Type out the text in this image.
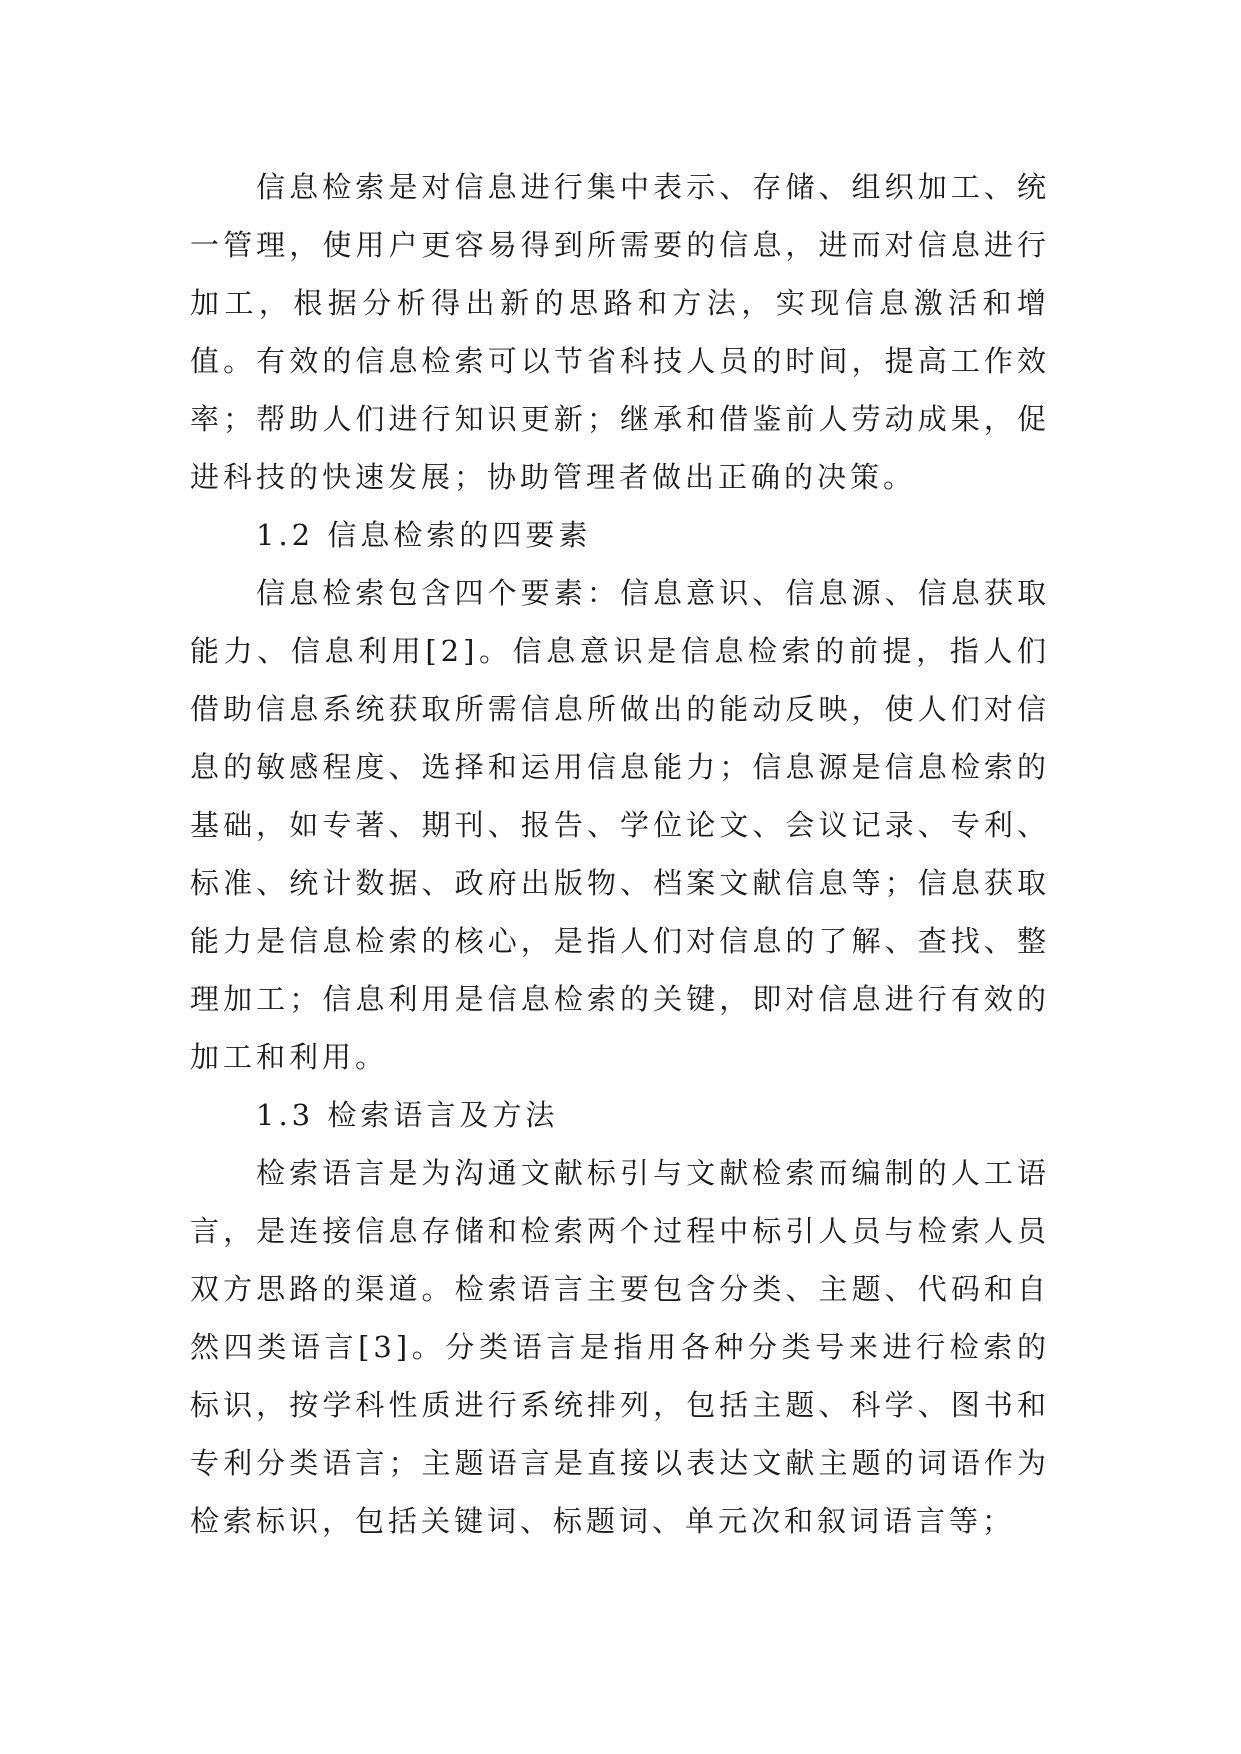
信息检索是对信息进行集中表示、存储、组织加工、统一管理，使用户更容易得到所需要的信息，进而对信息进行加工，根据分析得出新的思路和方法，实现信息激活和增值。有效的信息检索可以节省科技人员的时间，提高工作效率；帮助人们进行知识更新；继承和借鉴前人劳动成果，促进科技的快速发展；协助管理者做出正确的决策。

1.2 信息检索的四要素

信息检索包含四个要素：信息意识、信息源、信息获取能力、信息利用[2]。信息意识是信息检索的前提，指人们借助信息系统获取所需信息所做出的能动反映，使人们对信息的敏感程度、选择和运用信息能力；信息源是信息检索的基础，如专著、期刊、报告、学位论文、会议记录、专利、标准、统计数据、政府出版物、档案文献信息等；信息获取能力是信息检索的核心，是指人们对信息的了解、查找、整理加工；信息利用是信息检索的关键，即对信息进行有效的加工和利用。

1.3 检索语言及方法

检索语言是为沟通文献标引与文献检索而编制的人工语言，是连接信息存储和检索两个过程中标引人员与检索人员双方思路的渠道。检索语言主要包含分类、主题、代码和自然四类语言[3]。分类语言是指用各种分类号来进行检索的标识，按学科性质进行系统排列，包括主题、科学、图书和专利分类语言；主题语言是直接以表达文献主题的词语作为检索标识，包括关键词、标题词、单元次和叙词语言等；
